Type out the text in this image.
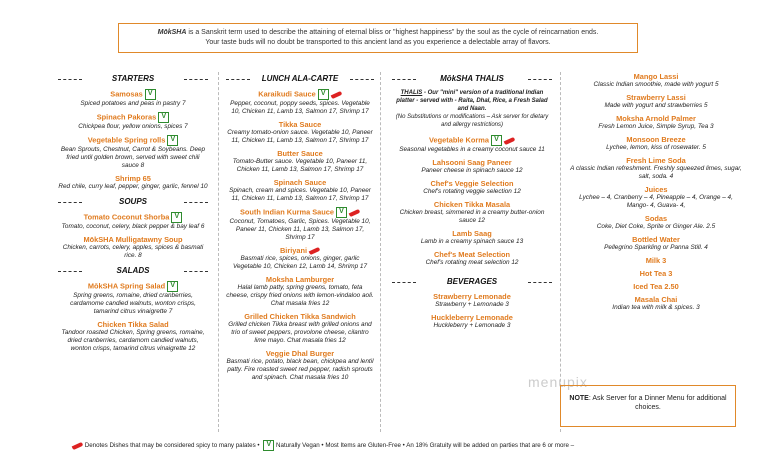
MōkSHA is a Sanskrit term used to describe the attaining of eternal bliss or "highest happiness" by the soul as the cycle of reincarnation ends.
Your taste buds will no doubt be transported to this ancient land as you experience a delectable array of flavors.
STARTERS
Samosas V
Spiced potatoes and peas in pastry 7
Spinach Pakoras V
Chickpea flour, yellow onions, spices 7
Vegetable Spring rolls V
Bean Sprouts, Chestnut, Carrot & Soybeans. Deep fried until golden brown, served with sweet chili sauce 8
Shrimp 65
Red chile, curry leaf, pepper, ginger, garlic, fennel 10
SOUPS
Tomato Coconut Shorba V
Tomato, coconut, celery, black pepper & bay leaf 6
MōkSHA Mulligatawny Soup
Chicken, carrots, celery, apples, spices & basmati rice. 8
SALADS
MōkSHA Spring Salad V
Spring greens, romaine, dried cranberries, cardamome candied walnuts, wonton crisps, tamarind citrus vinaigrette 7
Chicken Tikka Salad
Tandoor roasted Chicken, Spring greens, romaine, dried cranberries, cardamom candied walnuts, wonton crisps, tamarind citrus vinaigrette 12
LUNCH ALA-CARTE
Karaikudi Sauce V
Pepper, coconut, poppy seeds, spices. Vegetable 10, Chicken 11, Lamb 13, Salmon 17, Shrimp 17
Tikka Sauce
Creamy tomato-onion sauce. Vegetable 10, Paneer 11, Chicken 11, Lamb 13, Salmon 17, Shrimp 17
Butter Sauce
Tomato-Butter sauce. Vegetable 10, Paneer 11, Chicken 11, Lamb 13, Salmon 17, Shrimp 17
Spinach Sauce
Spinach, cream and spices. Vegetable 10, Paneer 11, Chicken 11, Lamb 13, Salmon 17, Shrimp 17
South Indian Kurma Sauce V
Coconut, Tomatoes, Garlic, Spices. Vegetable 10, Paneer 11, Chicken 11, Lamb 13, Salmon 17, Shrimp 17
Biriyani
Basmati rice, spices, onions, ginger, garlic Vegetable 10, Chicken 12, Lamb 14, Shrimp 17
Moksha Lamburger
Halal lamb patty, spring greens, tomato, feta cheese, crispy fried onions with lemon-vindaloo aoli. Chat masala fries 12
Grilled Chicken Tikka Sandwich
Grilled chicken Tikka breast with grilled onions and trio of sweet peppers, provolone cheese, cilantro lime mayo. Chat masala fries 12
Veggie Dhal Burger
Basmati rice, potato, black bean, chickpea and lentil patty. Fire roasted sweet red pepper, radish sprouts and spinach. Chat masala fries 10
MōkSHA THALIS
THALIS - Our "mini" version of a traditional Indian platter - served with - Raita, Dhal, Rice, a Fresh Salad and Naan.
(No Substitutions or modifications – Ask server for dietary and allergy restrictions)
Vegetable Korma V
Seasonal vegetables in a creamy coconut sauce 11
Lahsooni Saag Paneer
Paneer cheese in spinach sauce 12
Chef's Veggie Selection
Chef's rotating veggie selection 12
Chicken Tikka Masala
Chicken breast, simmered in a creamy butter-onion sauce 12
Lamb Saag
Lamb in a creamy spinach sauce 13
Chef's Meat Selection
Chef's rotating meat selection 12
BEVERAGES
Strawberry Lemonade
Strawberry + Lemonade 3
Huckleberry Lemonade
Huckleberry + Lemonade 3
Mango Lassi
Classic Indian smoothie, made with yogurt 5
Strawberry Lassi
Made with yogurt and strawberries 5
Moksha Arnold Palmer
Fresh Lemon Juice, Simple Syrup, Tea 3
Monsoon Breeze
Lychee, lemon, kiss of rosewater. 5
Fresh Lime Soda
A classic Indian refreshment. Freshly squeezed limes, sugar, salt, soda. 4
Juices
Lychee – 4, Cranberry – 4, Pineapple – 4, Orange – 4, Mango- 4, Guava- 4,
Sodas
Coke, Diet Coke, Sprite or Ginger Ale. 2.5
Bottled Water
Pellegrino Sparkling or Panna Still. 4
Milk 3
Hot Tea 3
Iced Tea 2.50
Masala Chai
Indian tea with milk & spices. 3
menupix
NOTE: Ask Server for a Dinner Menu for additional choices.
Denotes Dishes that may be considered spicy to many palates • V Naturally Vegan • Most Items are Gluten-Free • An 18% Gratuity will be added on parties that are 6 or more –
